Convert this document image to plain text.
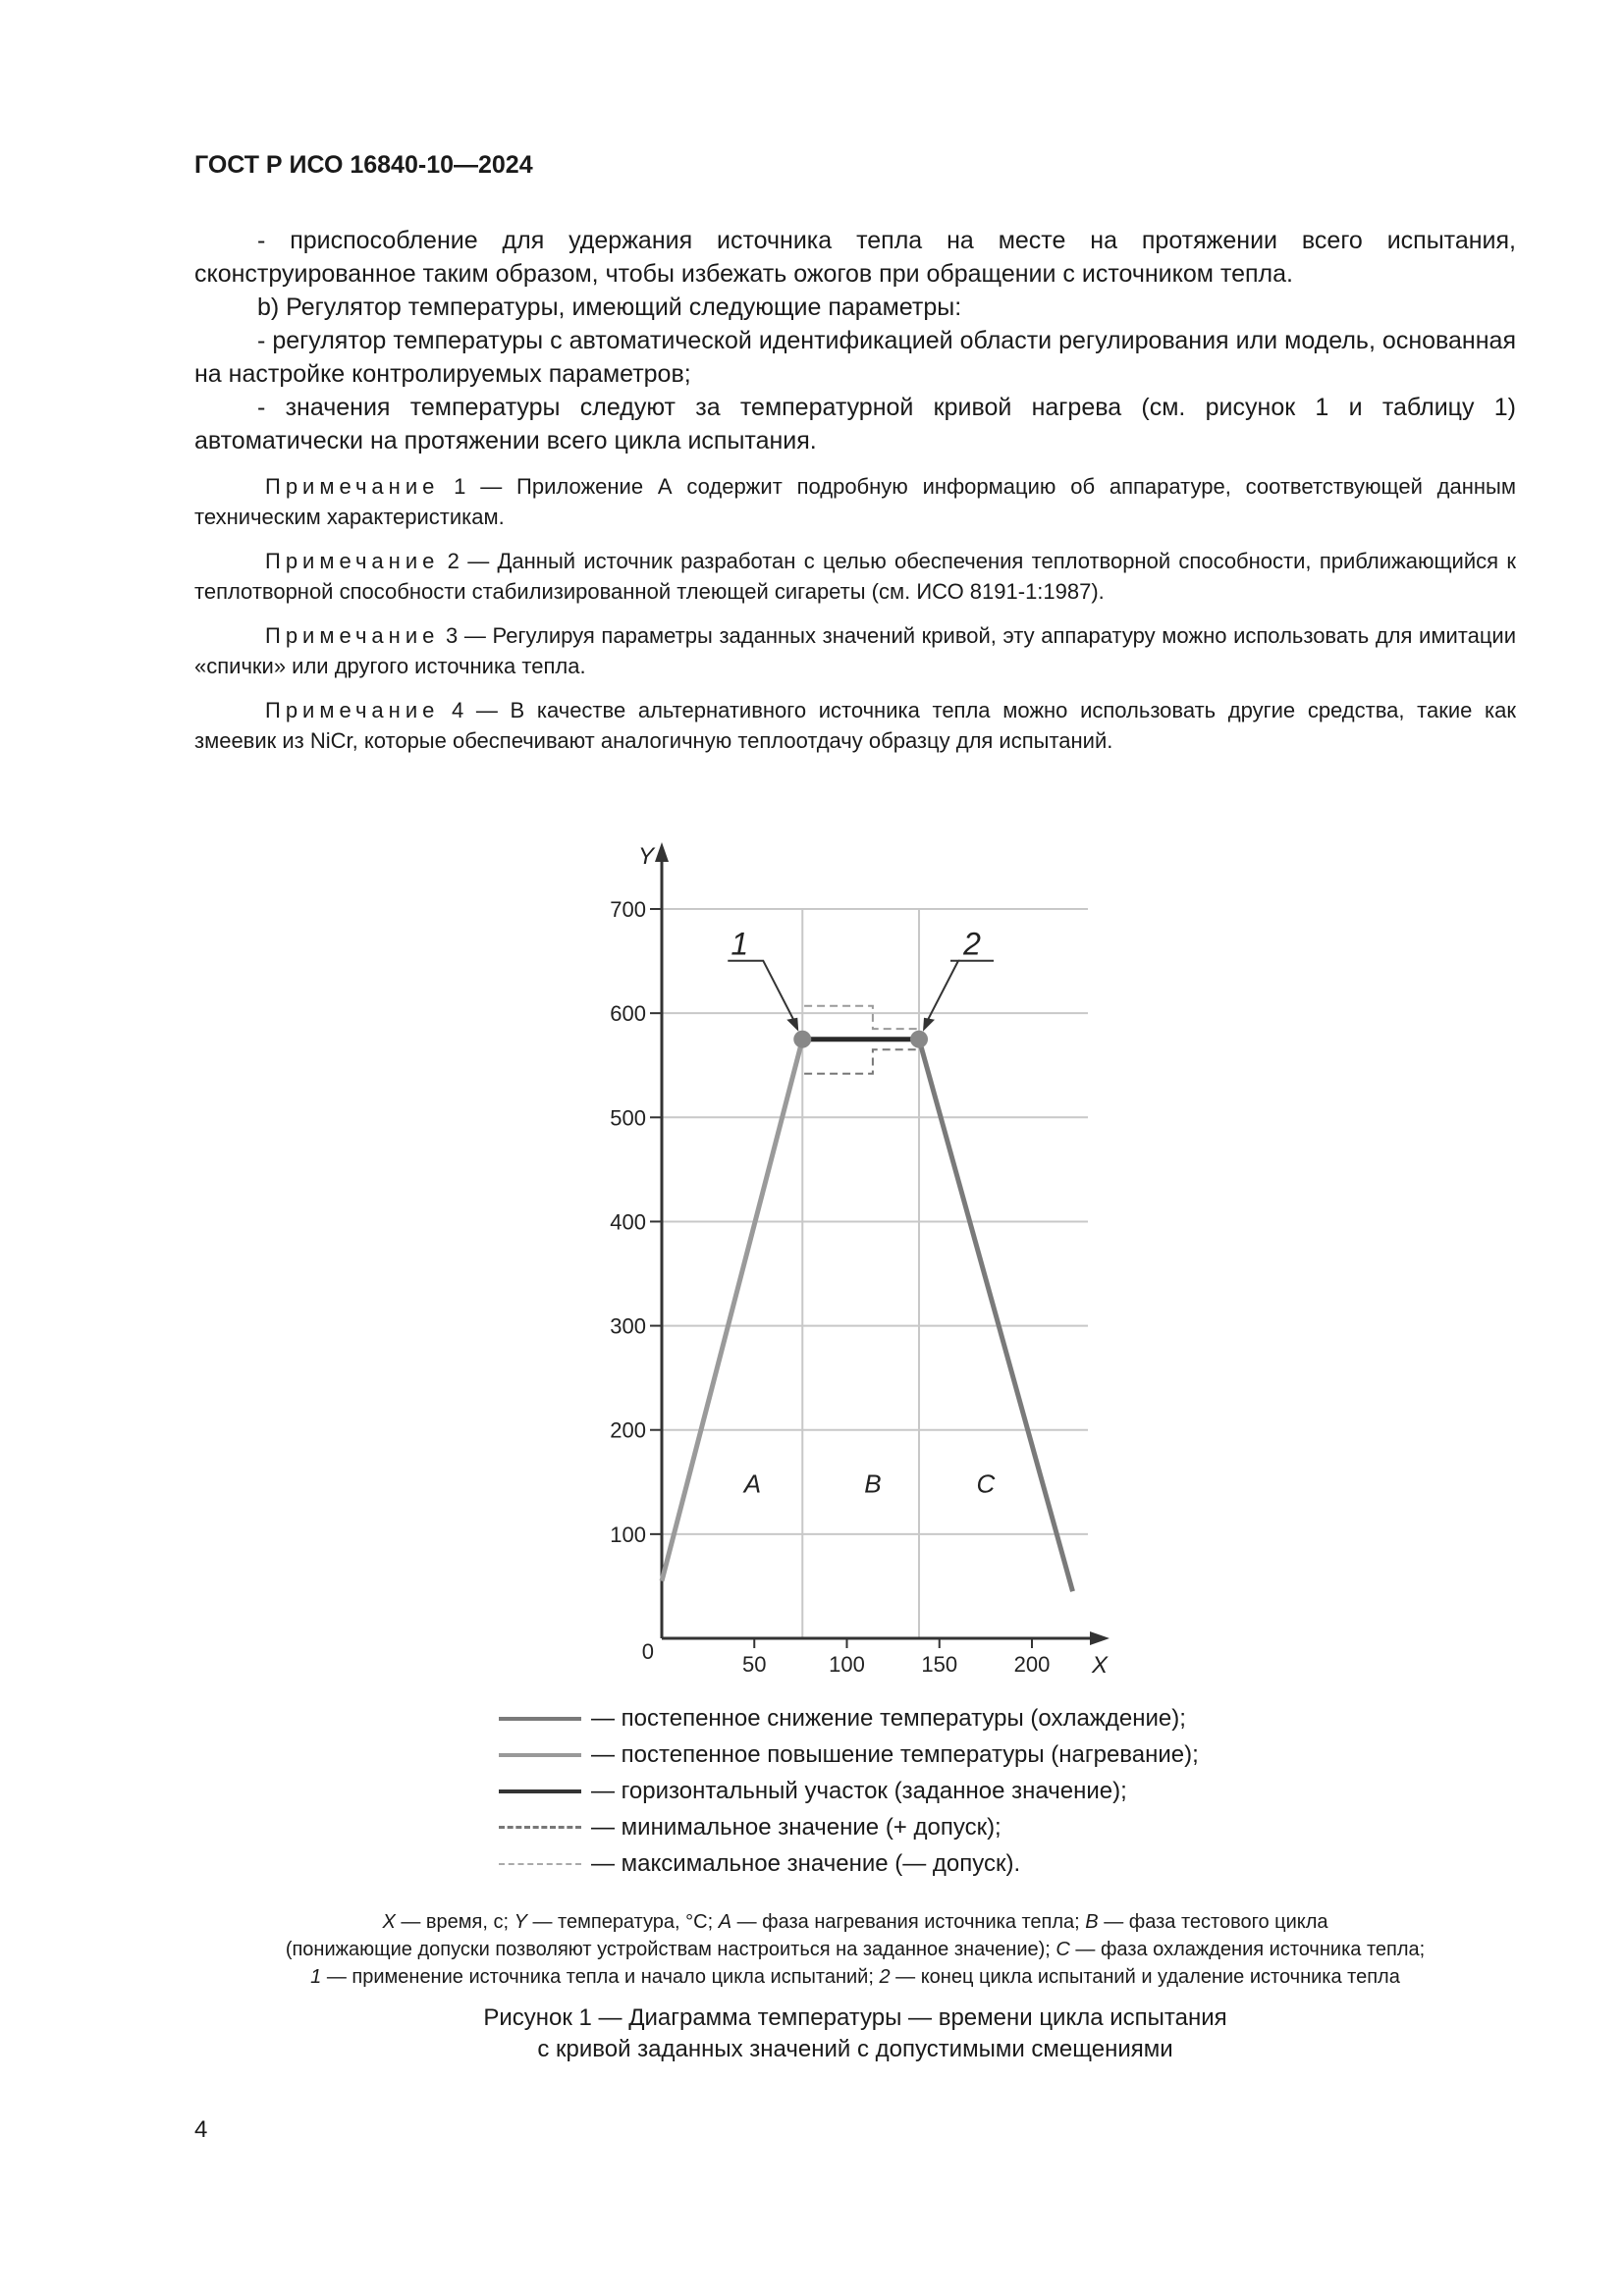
ГОСТ Р ИСО 16840-10—2024

- приспособление для удержания источника тепла на месте на протяжении всего испытания, сконструированное таким образом, чтобы избежать ожогов при обращении с источником тепла.

b) Регулятор температуры, имеющий следующие параметры:

- регулятор температуры с автоматической идентификацией области регулирования или модель, основанная на настройке контролируемых параметров;

- значения температуры следуют за температурной кривой нагрева (см. рисунок 1 и таблицу 1) автоматически на протяжении всего цикла испытания.

Примечание 1 — Приложение А содержит подробную информацию об аппаратуре, соответствующей данным техническим характеристикам.

Примечание 2 — Данный источник разработан с целью обеспечения теплотворной способности, приближающийся к теплотворной способности стабилизированной тлеющей сигареты (см. ИСО 8191-1:1987).

Примечание 3 — Регулируя параметры заданных значений кривой, эту аппаратуру можно использовать для имитации «спички» или другого источника тепла.

Примечание 4 — В качестве альтернативного источника тепла можно использовать другие средства, такие как змеевик из NiCr, которые обеспечивают аналогичную теплоотдачу образцу для испытаний.

100
200
300
400
500
600
700
Y
X
0
50	100	150	200
1	2
A	B	C
— постепенное снижение температуры (охлаждение);
— постепенное повышение температуры (нагревание);
— горизонтальный участок (заданное значение);
— минимальное значение (+ допуск);
— максимальное значение (— допуск).
X — время, с; Y — температура, °С; A — фаза нагревания источника тепла; B — фаза тестового цикла
(понижающие допуски позволяют устройствам настроиться на заданное значение); C — фаза охлаждения источника тепла;
1 — применение источника тепла и начало цикла испытаний; 2 — конец цикла испытаний и удаление источника тепла
Рисунок 1 — Диаграмма температуры — времени цикла испытания
с кривой заданных значений с допустимыми смещениями
4
